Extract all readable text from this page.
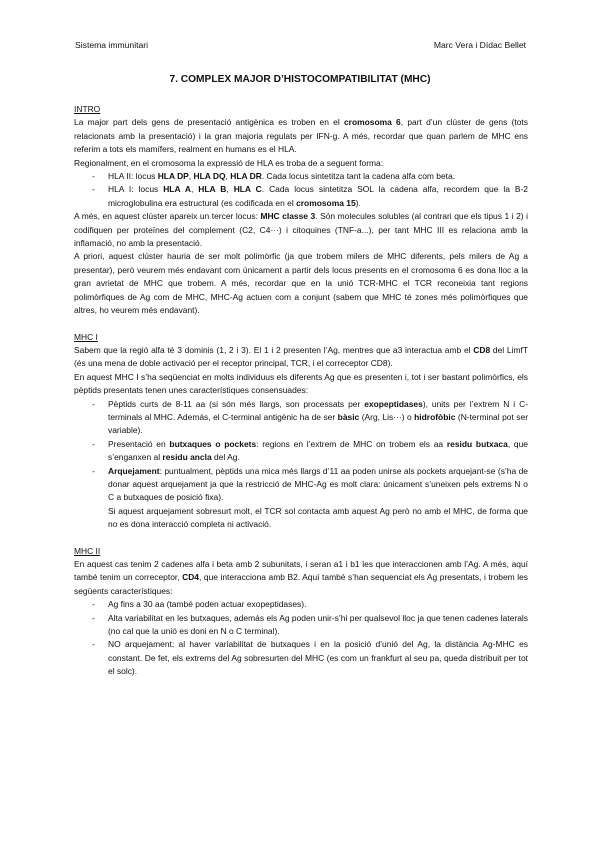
Sistema immunitari	Marc Vera i Dídac Bellet
7. COMPLEX MAJOR D’HISTOCOMPATIBILITAT (MHC)

INTRO

La major part dels gens de presentació antigènica es troben en el cromosoma 6, part d’un clúster de gens (tots relacionats amb la presentació) i la gran majoria regulats per IFN-g. A més, recordar que quan parlem de MHC ens referim a tots els mamífers, realment en humans es el HLA.

Regionalment, en el cromosoma la expressió de HLA es troba de a seguent forma:

- HLA II: locus HLA DP, HLA DQ, HLA DR. Cada locus sintetitza tant la cadena alfa com beta.
- HLA I: locus HLA A, HLA B, HLA C. Cada locus sintetitza SOL la cadena alfa, recordem que la B-2 microglobulina era estructural (es codificada en el cromosoma 15).

A més, en aquest clúster apareix un tercer locus: MHC classe 3. Són molecules solubles (al contrari que els tipus 1 i 2) i codifiquen per proteïnes del complement (C2, C4···) i citoquines (TNF-a...), per tant MHC III es relaciona amb la inflamació, no amb la presentació.

A priori, aquest clúster hauria de ser molt polimòrfic (ja que trobem milers de MHC diferents, pels milers de Ag a presentar), però veurem més endavant com únicament a partir dels locus presents en el cromosoma 6 es dona lloc a la gran avrietat de MHC que trobem. A més, recordar que en la unió TCR-MHC el TCR reconeixia tant regions polimòrfiques de Ag com de MHC, MHC-Ag actuen com a conjunt (sabem que MHC té zones més polimòrfiques que altres, ho veurem més endavant).

MHC I

Sabem que la regió alfa té 3 dominis (1, 2 i 3). El 1 i 2 presenten l’Ag, mentres que a3 interactua amb el CD8 del LimfT (és una mena de doble activació per el receptor principal, TCR, i el correceptor CD8).

En aquest MHC I s’ha seqüenciat en molts individuus els diferents Ag que es presenten i, tot i ser bastant polimòrfics, els pèptids presentats tenen unes característiques consensuades:

- Pèptids curts de 8-11 aa (si són més llargs, son processats per exopeptidases), units per l’extrem N i C-terminals al MHC. Además, el C-terminal antigènic ha de ser bàsic (Arg, Lis···) o hidrofòbic (N-terminal pot ser variable).
- Presentació en butxaques o pockets: regions en l’extrem de MHC on trobem els aa residu butxaca, que s’enganxen al residu ancla del Ag.
- Arquejament: puntualment, pèptids una mica més llargs d’11 aa poden unirse als pockets arquejant-se (s’ha de donar aquest arquejament ja que la restricció de MHC-Ag es molt clara: únicament s’uneixen pels extrems N o C a butxaques de posició fixa).

Si aquest arquejament sobresurt molt, el TCR sol contacta amb aquest Ag però no amb el MHC, de forma que no es dona interacció completa ni activació.

MHC II

En aquest cas tenim 2 cadenes alfa i beta amb 2 subunitats, i seran a1 i b1 les que interaccionen amb l’Ag. A més, aquí també tenim un correceptor, CD4, que interacciona amb B2. Aquí també s’han sequenciat els Ag presentats, i trobem les següents característiques:

- Ag fins a 30 aa (també poden actuar exopeptidases).
- Alta variabilitat en les butxaques, además els Ag poden unir-s’hi per qualsevol lloc ja que tenen cadenes laterals (no cal que la unió es doni en N o C terminal).
- NO arquejament: al haver variabilitat de butxaques i en la posició d’unió del Ag, la distància Ag-MHC es constant. De fet, els extrems del Ag sobresurten del MHC (es com un frankfurt al seu pa, queda distribuit per tot el solc).
